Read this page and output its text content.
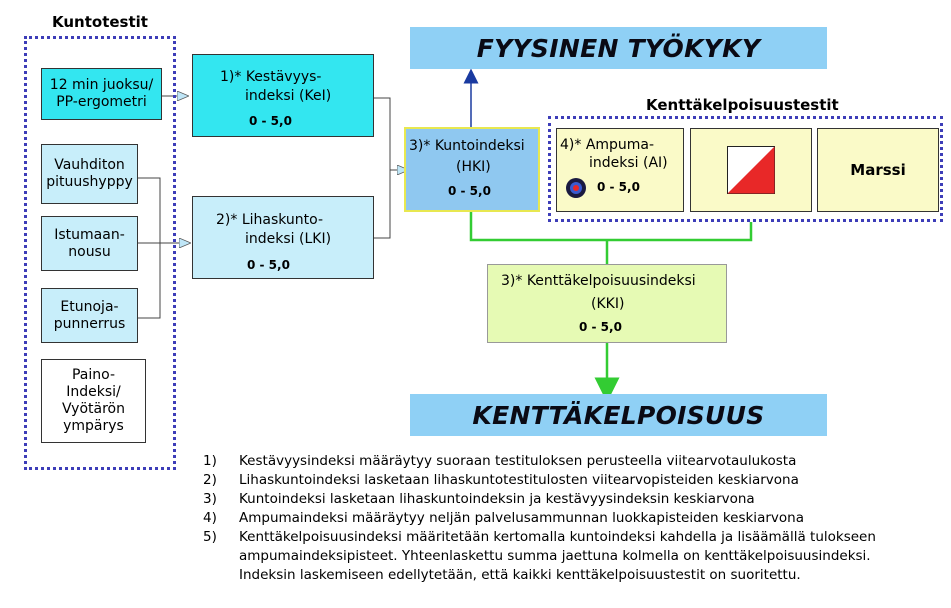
Kuntotestit
12 min juoksu/
PP-ergometri
Vauhditon
pituushyppy
Istumaan-
nousu
Etunoja-
punnerrus
Paino-
Indeksi/
Vyötärön
ympärys
1)* Kestävyys-
indeksi (KeI)
0 - 5,0
2)* Lihaskunto-
indeksi (LKI)
0 - 5,0
FYYSINEN TYÖKYKY
3)* Kuntoindeksi
(HKI)
0 - 5,0
Kenttäkelpoisuustestit
4)* Ampuma-
indeksi (AI)
0 - 5,0
Marssi
3)* Kenttäkelpoisuusindeksi
(KKI)
0 - 5,0
KENTTÄKELPOISUUS
1) Kestävyysindeksi määräytyy suoraan testituloksen perusteella viitearvotaulukosta
2) Lihaskuntoindeksi lasketaan lihaskuntotestitulosten viitearvopisteiden keskiarvona
3) Kuntoindeksi lasketaan lihaskuntoindeksin ja kestävyysindeksin keskiarvona
4) Ampumaindeksi määräytyy neljän palvelusammunnan luokkapisteiden keskiarvona
5) Kenttäkelpoisuusindeksi määritetään kertomalla kuntoindeksi kahdella ja lisäämällä tulokseen
ampumaindeksipisteet. Yhteenlaskettu summa jaettuna kolmella on kenttäkelpoisuusindeksi.
Indeksin laskemiseen edellytetään, että kaikki kenttäkelpoisuustestit on suoritettu.
